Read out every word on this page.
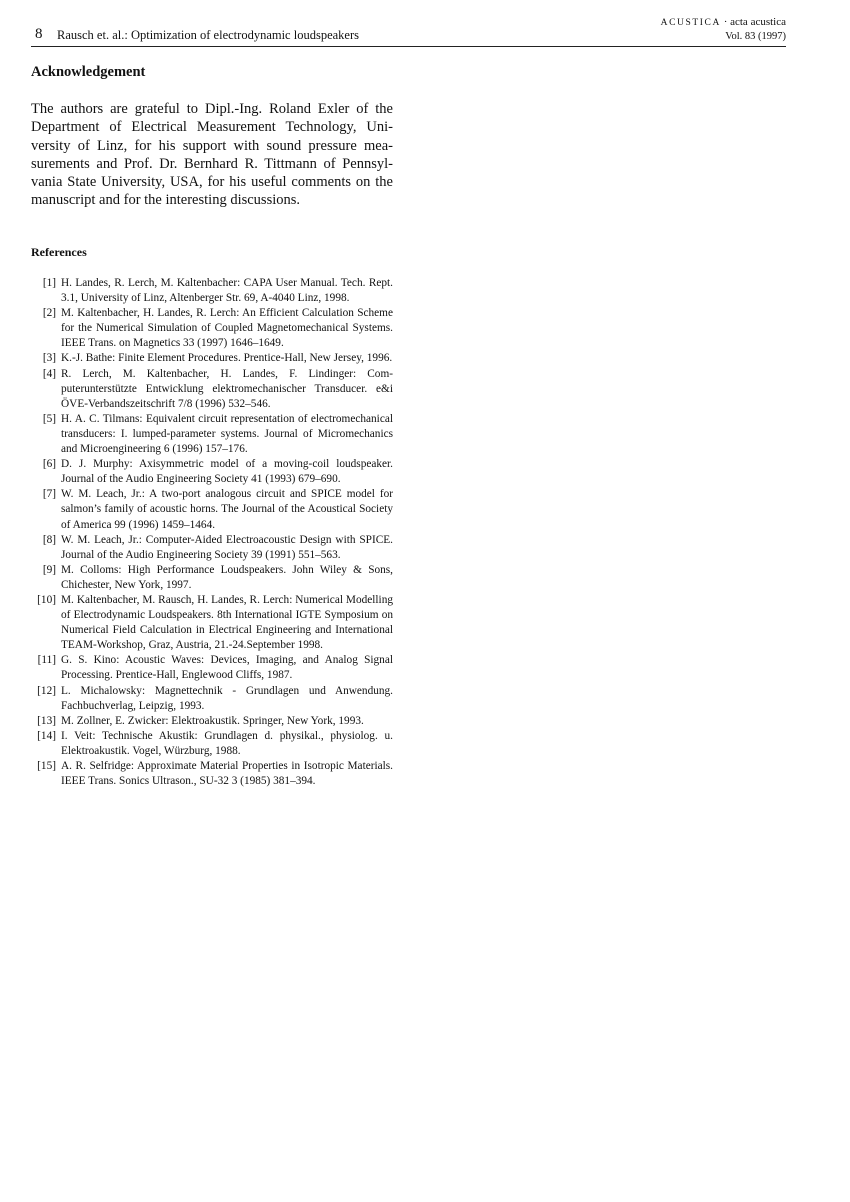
8 Rausch et. al.: Optimization of electrodynamic loudspeakers
ACUSTICA · acta acustica
Vol. 83 (1997)
Acknowledgement

The authors are grateful to Dipl.-Ing. Roland Exler of the Department of Electrical Measurement Technology, University of Linz, for his support with sound pressure measurements and Prof. Dr. Bernhard R. Tittmann of Pennsylvania State University, USA, for his useful comments on the manuscript and for the interesting discussions.

References
[1] H. Landes, R. Lerch, M. Kaltenbacher: CAPA User Manual. Tech. Rept. 3.1, University of Linz, Altenberger Str. 69, A-4040 Linz, 1998.
[2] M. Kaltenbacher, H. Landes, R. Lerch: An Efficient Calculation Scheme for the Numerical Simulation of Coupled Magnetomechanical Systems. IEEE Trans. on Magnetics 33 (1997) 1646–1649.
[3] K.-J. Bathe: Finite Element Procedures. Prentice-Hall, New Jersey, 1996.
[4] R. Lerch, M. Kaltenbacher, H. Landes, F. Lindinger: Computerunterstützte Entwicklung elektromechanischer Transducer. e&i ÖVE-Verbandszeitschrift 7/8 (1996) 532–546.
[5] H. A. C. Tilmans: Equivalent circuit representation of electromechanical transducers: I. lumped-parameter systems. Journal of Micromechanics and Microengineering 6 (1996) 157–176.
[6] D. J. Murphy: Axisymmetric model of a moving-coil loudspeaker. Journal of the Audio Engineering Society 41 (1993) 679–690.
[7] W. M. Leach, Jr.: A two-port analogous circuit and SPICE model for salmon’s family of acoustic horns. The Journal of the Acoustical Society of America 99 (1996) 1459–1464.
[8] W. M. Leach, Jr.: Computer-Aided Electroacoustic Design with SPICE. Journal of the Audio Engineering Society 39 (1991) 551–563.
[9] M. Colloms: High Performance Loudspeakers. John Wiley & Sons, Chichester, New York, 1997.
[10] M. Kaltenbacher, M. Rausch, H. Landes, R. Lerch: Numerical Modelling of Electrodynamic Loudspeakers. 8th International IGTE Symposium on Numerical Field Calculation in Electrical Engineering and International TEAM-Workshop, Graz, Austria, 21.-24.September 1998.
[11] G. S. Kino: Acoustic Waves: Devices, Imaging, and Analog Signal Processing. Prentice-Hall, Englewood Cliffs, 1987.
[12] L. Michalowsky: Magnettechnik - Grundlagen und Anwendung. Fachbuchverlag, Leipzig, 1993.
[13] M. Zollner, E. Zwicker: Elektroakustik. Springer, New York, 1993.
[14] I. Veit: Technische Akustik: Grundlagen d. physikal., physiolog. u. Elektroakustik. Vogel, Würzburg, 1988.
[15] A. R. Selfridge: Approximate Material Properties in Isotropic Materials. IEEE Trans. Sonics Ultrason., SU-32 3 (1985) 381–394.
